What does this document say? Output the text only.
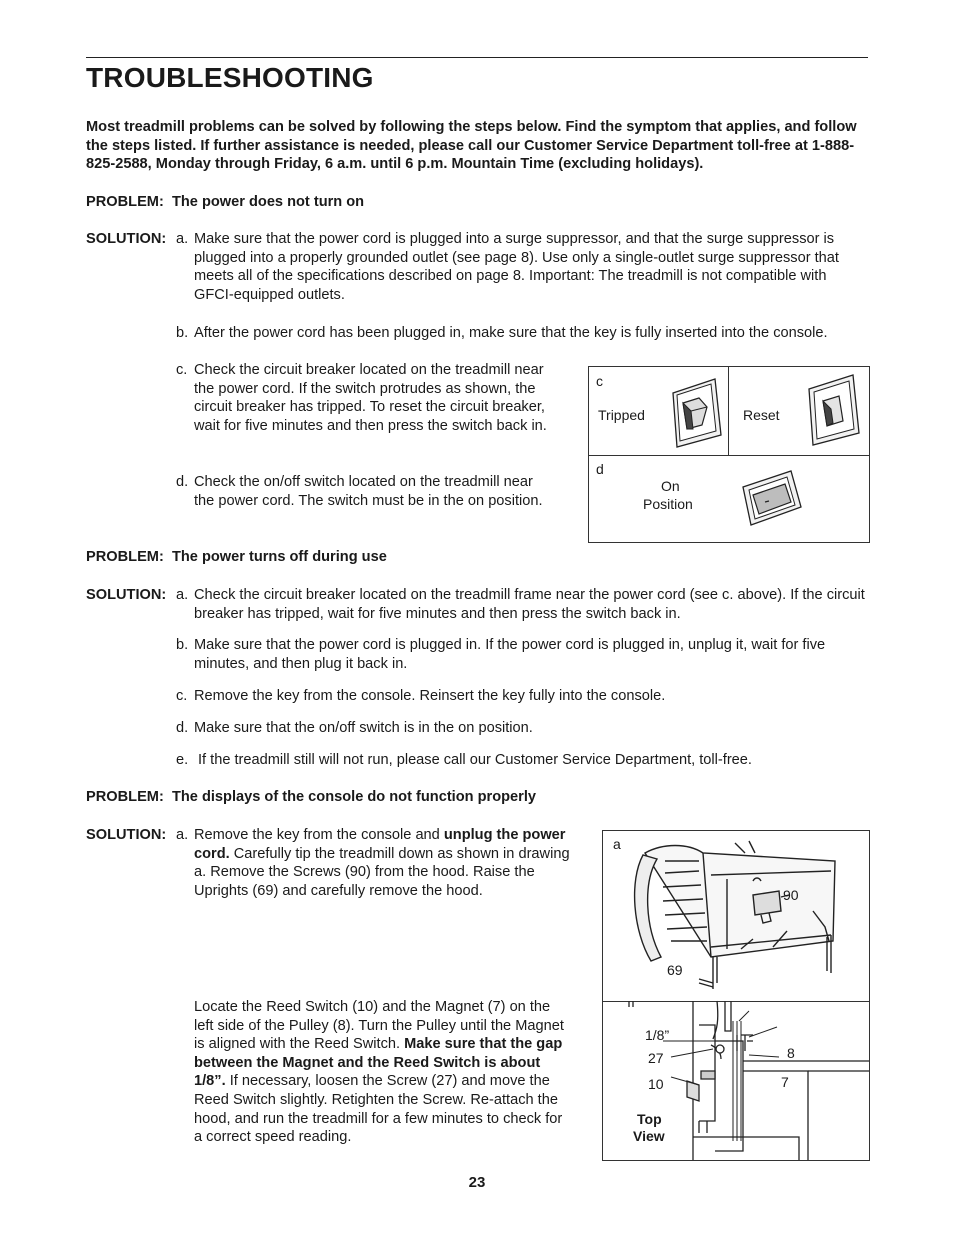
TROUBLESHOOTING
Most treadmill problems can be solved by following the steps below. Find the symptom that applies, and follow the steps listed. If further assistance is needed, please call our Customer Service Department toll-free at 1-888-825-2588, Monday through Friday, 6 a.m. until 6 p.m. Mountain Time (excluding holidays).
PROBLEM: The power does not turn on
SOLUTION: a. Make sure that the power cord is plugged into a surge suppressor, and that the surge suppressor is plugged into a properly grounded outlet (see page 8). Use only a single-outlet surge suppressor that meets all of the specifications described on page 8. Important: The treadmill is not compatible with GFCI-equipped outlets.
b. After the power cord has been plugged in, make sure that the key is fully inserted into the console.
c. Check the circuit breaker located on the treadmill near the power cord. If the switch protrudes as shown, the circuit breaker has tripped. To reset the circuit breaker, wait for five minutes and then press the switch back in.
d. Check the on/off switch located on the treadmill near the power cord. The switch must be in the on position.
c
Tripped	Reset
d
On
Position
PROBLEM: The power turns off during use
SOLUTION: a. Check the circuit breaker located on the treadmill frame near the power cord (see c. above). If the circuit breaker has tripped, wait for five minutes and then press the switch back in.
b. Make sure that the power cord is plugged in. If the power cord is plugged in, unplug it, wait for five minutes, and then plug it back in.
c. Remove the key from the console. Reinsert the key fully into the console.
d. Make sure that the on/off switch is in the on position.
e. If the treadmill still will not run, please call our Customer Service Department, toll-free.
PROBLEM: The displays of the console do not function properly
SOLUTION: a. Remove the key from the console and unplug the power cord. Carefully tip the treadmill down as shown in drawing a. Remove the Screws (90) from the hood. Raise the Uprights (69) and carefully remove the hood.
Locate the Reed Switch (10) and the Magnet (7) on the left side of the Pulley (8). Turn the Pulley until the Magnet is aligned with the Reed Switch. Make sure that the gap between the Magnet and the Reed Switch is about 1/8”. If necessary, loosen the Screw (27) and move the Reed Switch slightly. Retighten the Screw. Re-attach the hood, and run the treadmill for a few minutes to check for a correct speed reading.
a
90
69
1/8”
27
10
8
7
Top
View
23
